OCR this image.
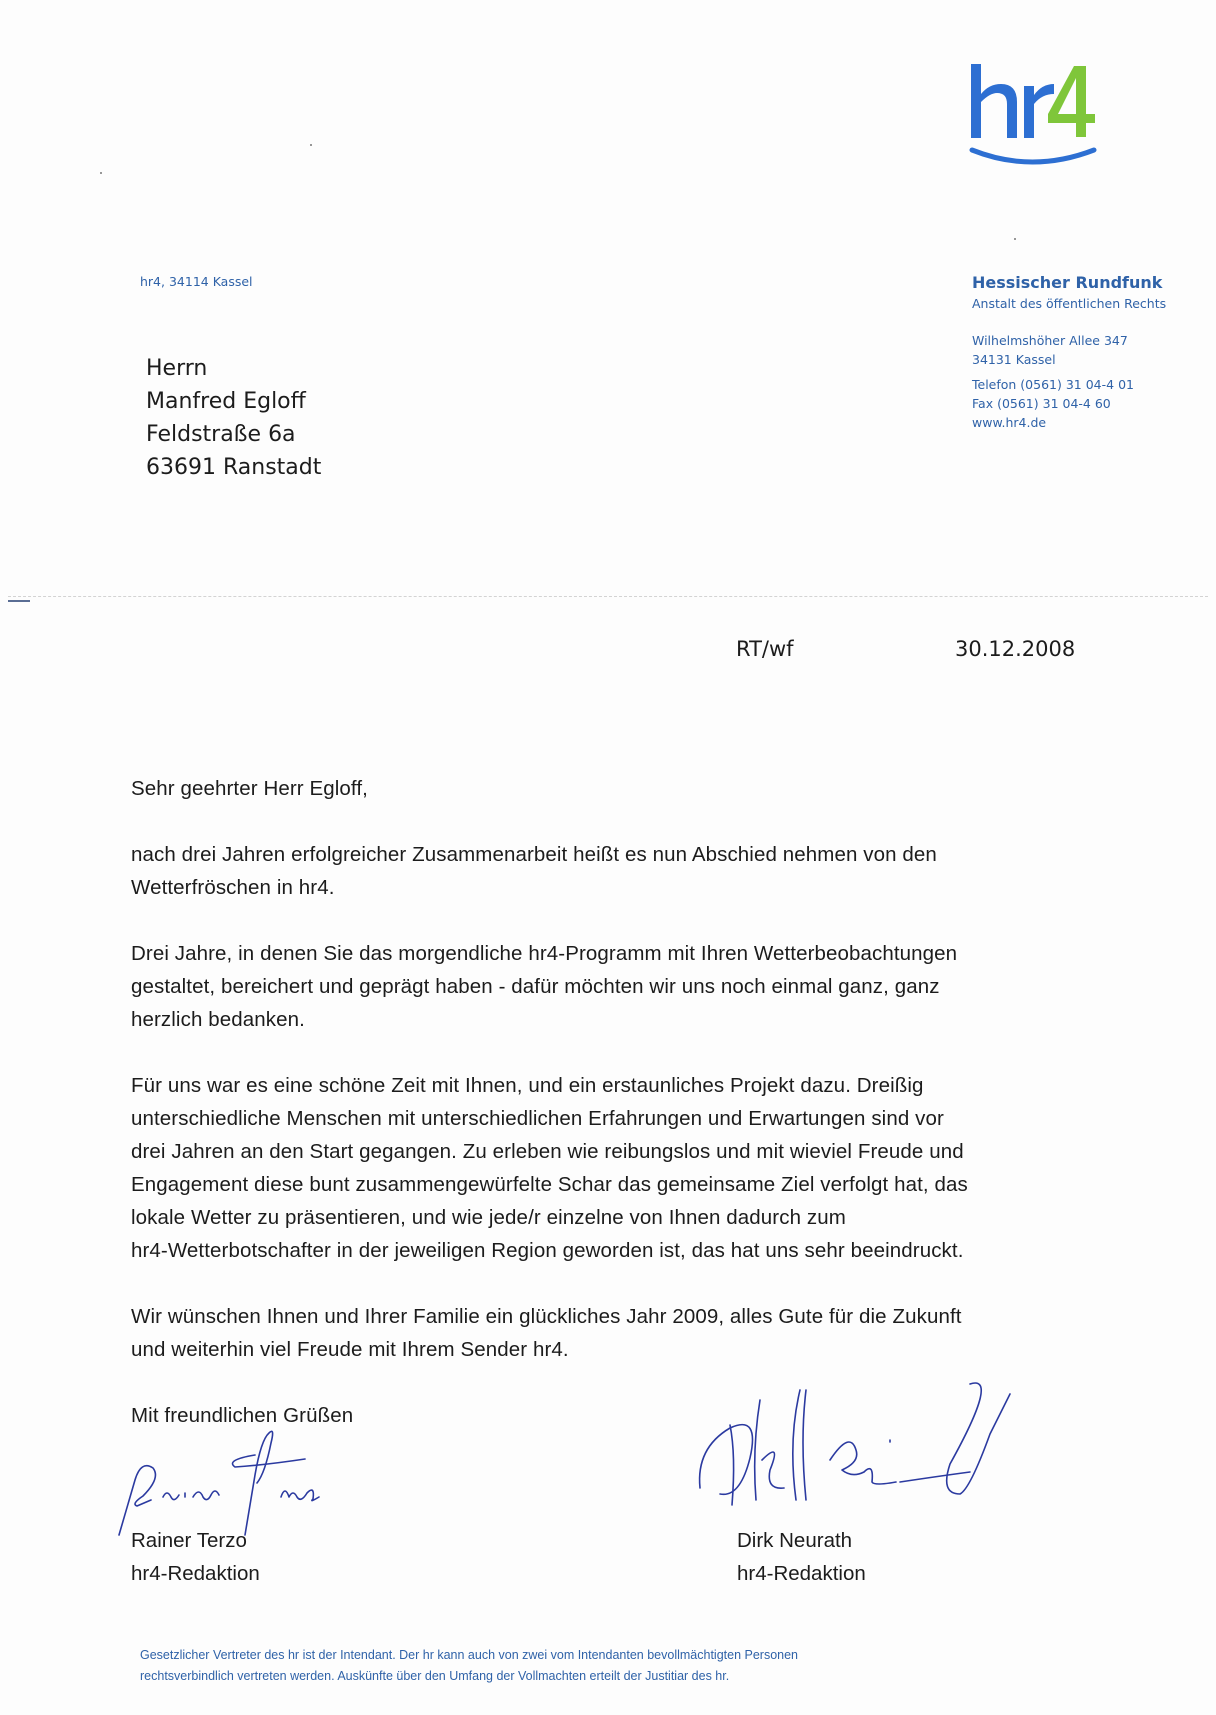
hr4, 34114 Kassel
Herrn
Manfred Egloff
Feldstraße 6a
63691 Ranstadt
Hessischer Rundfunk
Anstalt des öffentlichen Rechts
Wilhelmshöher Allee 347
34131 Kassel
Telefon (0561) 31 04-4 01
Fax (0561) 31 04-4 60
www.hr4.de
RT/wf	30.12.2008

Sehr geehrter Herr Egloff,

nach drei Jahren erfolgreicher Zusammenarbeit heißt es nun Abschied nehmen von den
Wetterfröschen in hr4.

Drei Jahre, in denen Sie das morgendliche hr4-Programm mit Ihren Wetterbeobachtungen
gestaltet, bereichert und geprägt haben - dafür möchten wir uns noch einmal ganz, ganz
herzlich bedanken.

Für uns war es eine schöne Zeit mit Ihnen, und ein erstaunliches Projekt dazu. Dreißig
unterschiedliche Menschen mit unterschiedlichen Erfahrungen und Erwartungen sind vor
drei Jahren an den Start gegangen. Zu erleben wie reibungslos und mit wieviel Freude und
Engagement diese bunt zusammengewürfelte Schar das gemeinsame Ziel verfolgt hat, das
lokale Wetter zu präsentieren, und wie jede/r einzelne von Ihnen dadurch zum
hr4-Wetterbotschafter in der jeweiligen Region geworden ist, das hat uns sehr beeindruckt.

Wir wünschen Ihnen und Ihrer Familie ein glückliches Jahr 2009, alles Gute für die Zukunft
und weiterhin viel Freude mit Ihrem Sender hr4.

Mit freundlichen Grüßen

Rainer Terzo
hr4-Redaktion
Dirk Neurath
hr4-Redaktion
Gesetzlicher Vertreter des hr ist der Intendant. Der hr kann auch von zwei vom Intendanten bevollmächtigten Personen
rechtsverbindlich vertreten werden. Auskünfte über den Umfang der Vollmachten erteilt der Justitiar des hr.
